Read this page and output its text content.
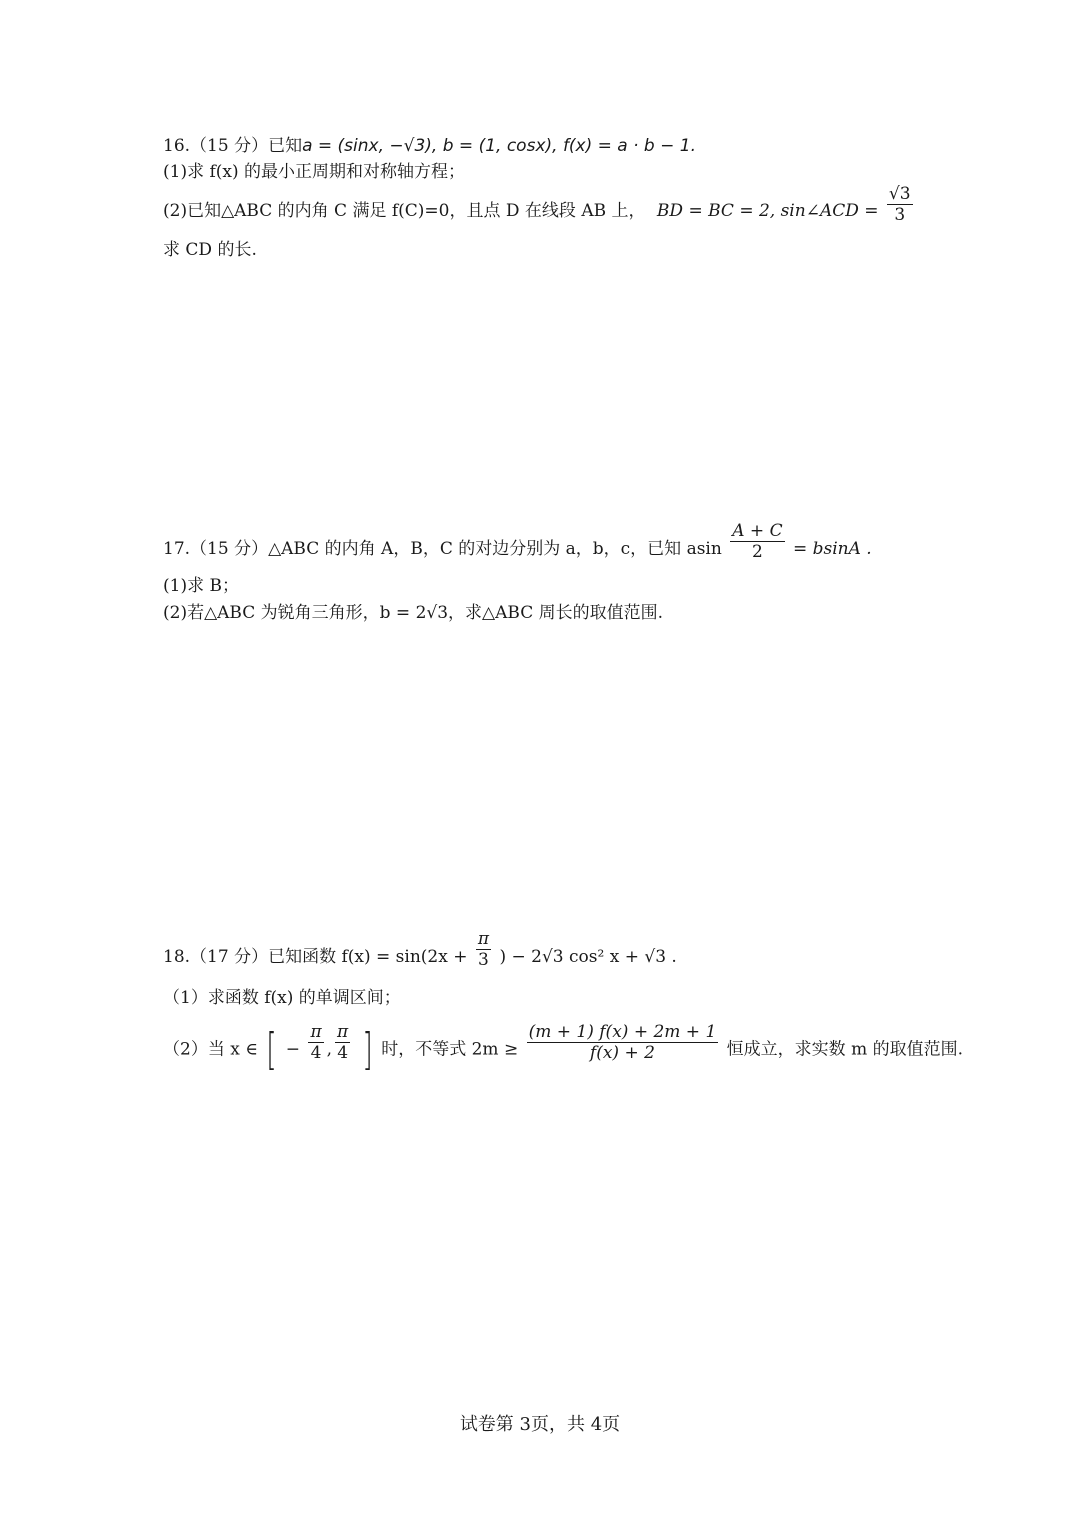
16.（15 分）已知a = (sinx, −√3), b = (1, cosx), f(x) = a · b − 1.
(1)求 f(x) 的最小正周期和对称轴方程；
(2)已知△ABC 的内角 C 满足 f(C)=0，且点 D 在线段 AB 上， BD = BC = 2, sin∠ACD = $\frac{√3}{3}$
求 CD 的长.
17.（15 分）△ABC 的内角 A，B，C 的对边分别为 a，b，c，已知 asin $\frac{A + C}{2} = bsinA$ .
(1)求 B；
(2)若△ABC 为锐角三角形，b = 2√3，求△ABC 周长的取值范围.
18.（17 分）已知函数 $f(x) = \sin(2x + \frac{\pi}{3}$ ) − 2√3 cos² x + √3 .
（1）求函数 f(x) 的单调区间；
（2）当 x ∈ [ − $\frac{\pi}{4}$ , $\frac{\pi}{4}$ ] 时，不等式 $2m \ge \frac{(m + 1) f(x) + 2m + 1}{f(x) + 2}$ 恒成立，求实数 m 的取值范围.
试卷第 3页，共 4页
